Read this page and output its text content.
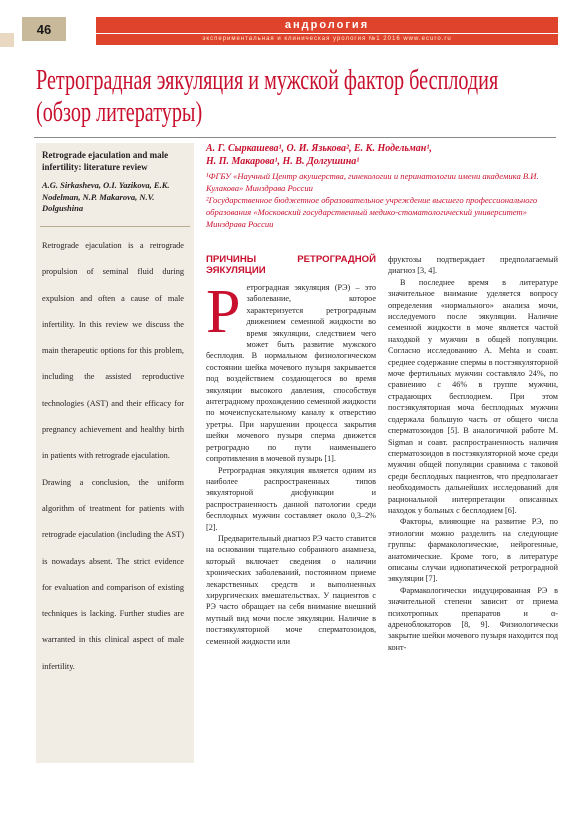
46	андрология
экспериментальная и клиническая урология №1 2016 www.ecuro.ru
Ретроградная эякуляция и мужской фактор бесплодия
(обзор литературы)
Retrograde ejaculation and male infertility: literature review
A.G. Sirkasheva, O.I. Yazikova, E.K. Nodelman, N.P. Makarova, N.V. Dolgushina

Retrograde ejaculation is a retrograde propulsion of seminal fluid during expulsion and often a cause of male infertility. In this review we discuss the main therapeutic options for this problem, including the assisted reproductive technologies (AST) and their efficacy for pregnancy achievement and healthy birth in patients with retrograde ejaculation.

Drawing a conclusion, the uniform algorithm of treatment for patients with retrograde ejaculation (including the AST) is nowadays absent. The strict evidence for evaluation and comparison of existing techniques is lacking. Further studies are warranted in this clinical aspect of male infertility.

А. Г. Сыркашева¹, О. И. Язькова², Е. К. Нодельман¹,
Н. П. Макарова¹, Н. В. Долгушина¹

¹ФГБУ «Научный Центр акушерства, гинекологии и перинатологии имени академика В.И. Кулакова» Минздрава России

²Государственное бюджетное образовательное учреждение высшего профессионального образования «Московский государственный медико-стоматологический университет» Минздрава России

ПРИЧИНЫ РЕТРОГРАДНОЙ ЭЯКУЛЯЦИИ
Р етроградная эякуляция (РЭ) – это заболевание, которое характеризуется ретроградным движением семенной жидкости во время эякуляции, следствием чего может быть развитие мужского бесплодия. В нормальном физиологическом состоянии шейка мочевого пузыря закрывается под воздействием создающегося во время эякуляции высокого давления, способствуя антеградному прохождению семенной жидкости по мочеиспускательному каналу к отверстию уретры. При нарушении процесса закрытия шейки мочевого пузыря сперма движется ретроградно по пути наименьшего сопротивления в мочевой пузырь [1].

Ретроградная эякуляция является одним из наиболее распространенных типов эякуляторной дисфункции и распространенность данной патологии среди бесплодных мужчин составляет около 0,3–2% [2].

Предварительный диагноз РЭ часто ставится на основании тщательно собранного анамнеза, который включает сведения о наличии хронических заболеваний, постоянном приеме лекарственных средств и выполненных хирургических вмешательствах. У пациентов с РЭ часто обращает на себя внимание внешний мутный вид мочи после эякуляции. Наличие в постэякуляторной моче сперматозоидов, семенной жидкости или

фруктозы подтверждает предполагаемый диагноз [3, 4].

В последнее время в литературе значительное внимание уделяется вопросу определения «нормального» анализа мочи, исследуемого после эякуляции. Наличие семенной жидкости в моче является частой находкой у мужчин в общей популяции. Согласно исследованию A. Mehta и соавт. среднее содержание спермы в постэякуляторной моче фертильных мужчин составляло 24%, по сравнению с 46% в группе мужчин, страдающих бесплодием. При этом постэякуляторная моча бесплодных мужчин содержала большую часть от общего числа сперматозоидов [5]. В аналогичной работе M. Sigman и соавт. распространенность наличия сперматозоидов в постэякуляторной моче среди мужчин общей популяции сравнима с таковой среди бесплодных пациентов, что предполагает необходимость дальнейших исследований для рациональной интерпретации описанных находок у больных с бесплодием [6].

Факторы, влияющие на развитие РЭ, по этиологии можно разделить на следующие группы: фармакологические, нейрогенные, анатомические. Кроме того, в литературе описаны случаи идиопатической ретроградной эякуляции [7].

Фармакологически индуцированная РЭ в значительной степени зависит от приема психотропных препаратов и α-адреноблокаторов [8, 9]. Физиологически закрытие шейки мочевого пузыря находится под конт-
